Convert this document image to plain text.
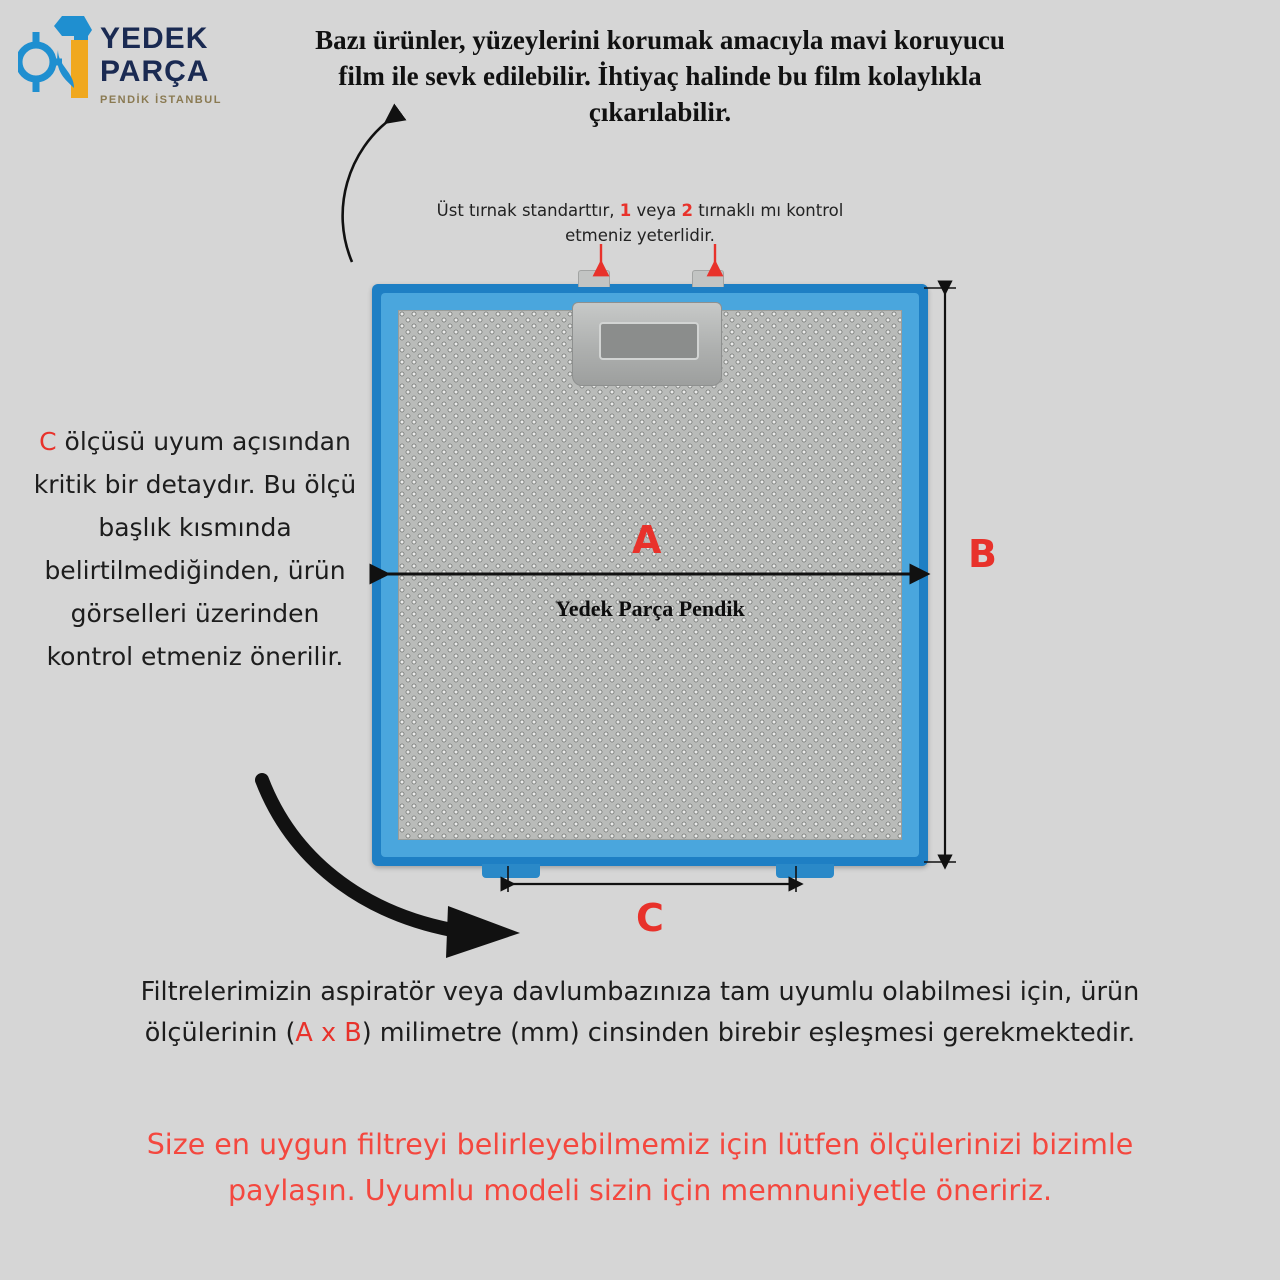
YEDEK
PARÇA
PENDİK İSTANBUL
Bazı ürünler, yüzeylerini korumak amacıyla mavi koruyucu film ile sevk edilebilir. İhtiyaç halinde bu film kolaylıkla çıkarılabilir.
Üst tırnak standarttır, 1 veya 2 tırnaklı mı kontrol etmeniz yeterlidir.
C ölçüsü uyum açısından kritik bir detaydır. Bu ölçü başlık kısmında belirtilmediğinden, ürün görselleri üzerinden kontrol etmeniz önerilir.
Yedek Parça Pendik
A	B
C
Filtrelerimizin aspiratör veya davlumbazınıza tam uyumlu olabilmesi için, ürün ölçülerinin (A x B) milimetre (mm) cinsinden birebir eşleşmesi gerekmektedir.
Size en uygun filtreyi belirleyebilmemiz için lütfen ölçülerinizi bizimle paylaşın. Uyumlu modeli sizin için memnuniyetle öneririz.
